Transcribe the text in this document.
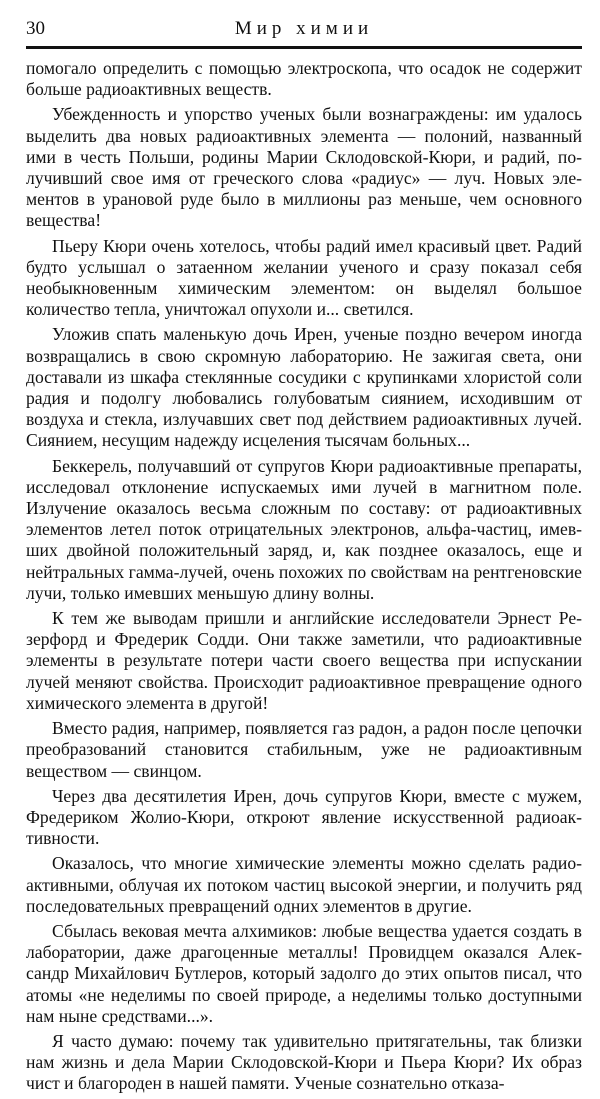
30	Мир химии

помогало определить с помощью электроскопа, что осадок не содержит больше радиоактивных веществ.

Убежденность и упорство ученых были вознаграждены: им удалось выделить два новых радиоактивных элемента — полоний, названный ими в честь Польши, родины Марии Склодовской-Кюри, и радий, получивший свое имя от греческого слова «радиус» — луч. Новых элементов в урановой руде было в миллионы раз меньше, чем основного вещества!

Пьеру Кюри очень хотелось, чтобы радий имел красивый цвет. Радий будто услышал о затаенном желании ученого и сразу показал себя необыкновенным химическим элементом: он выделял большое количество тепла, уничтожал опухоли и... светился.

Уложив спать маленькую дочь Ирен, ученые поздно вечером иногда возвращались в свою скромную лабораторию. Не зажигая света, они доставали из шкафа стеклянные сосудики с крупинками хлористой соли радия и подолгу любовались голубоватым сиянием, исходившим от воздуха и стекла, излучавших свет под действием радиоактивных лучей. Сиянием, несущим надежду исцеления тысячам больных...

Беккерель, получавший от супругов Кюри радиоактивные препараты, исследовал отклонение испускаемых ими лучей в магнитном поле. Излучение оказалось весьма сложным по составу: от радиоактивных элементов летел поток отрицательных электронов, альфа-частиц, имевших двойной положительный заряд, и, как позднее оказалось, еще и нейтральных гамма-лучей, очень похожих по свойствам на рентгеновские лучи, только имевших меньшую длину волны.

К тем же выводам пришли и английские исследователи Эрнест Резерфорд и Фредерик Содди. Они также заметили, что радиоактивные элементы в результате потери части своего вещества при испускании лучей меняют свойства. Происходит радиоактивное превращение одного химического элемента в другой!

Вместо радия, например, появляется газ радон, а радон после цепочки преобразований становится стабильным, уже не радиоактивным веществом — свинцом.

Через два десятилетия Ирен, дочь супругов Кюри, вместе с мужем, Фредериком Жолио-Кюри, откроют явление искусственной радиоактивности.

Оказалось, что многие химические элементы можно сделать радиоактивными, облучая их потоком частиц высокой энергии, и получить ряд последовательных превращений одних элементов в другие.

Сбылась вековая мечта алхимиков: любые вещества удается создать в лаборатории, даже драгоценные металлы! Провидцем оказался Александр Михайлович Бутлеров, который задолго до этих опытов писал, что атомы «не неделимы по своей природе, а неделимы только доступными нам ныне средствами...».

Я часто думаю: почему так удивительно притягательны, так близки нам жизнь и дела Марии Склодовской-Кюри и Пьера Кюри? Их образ чист и благороден в нашей памяти. Ученые сознательно отказа-
